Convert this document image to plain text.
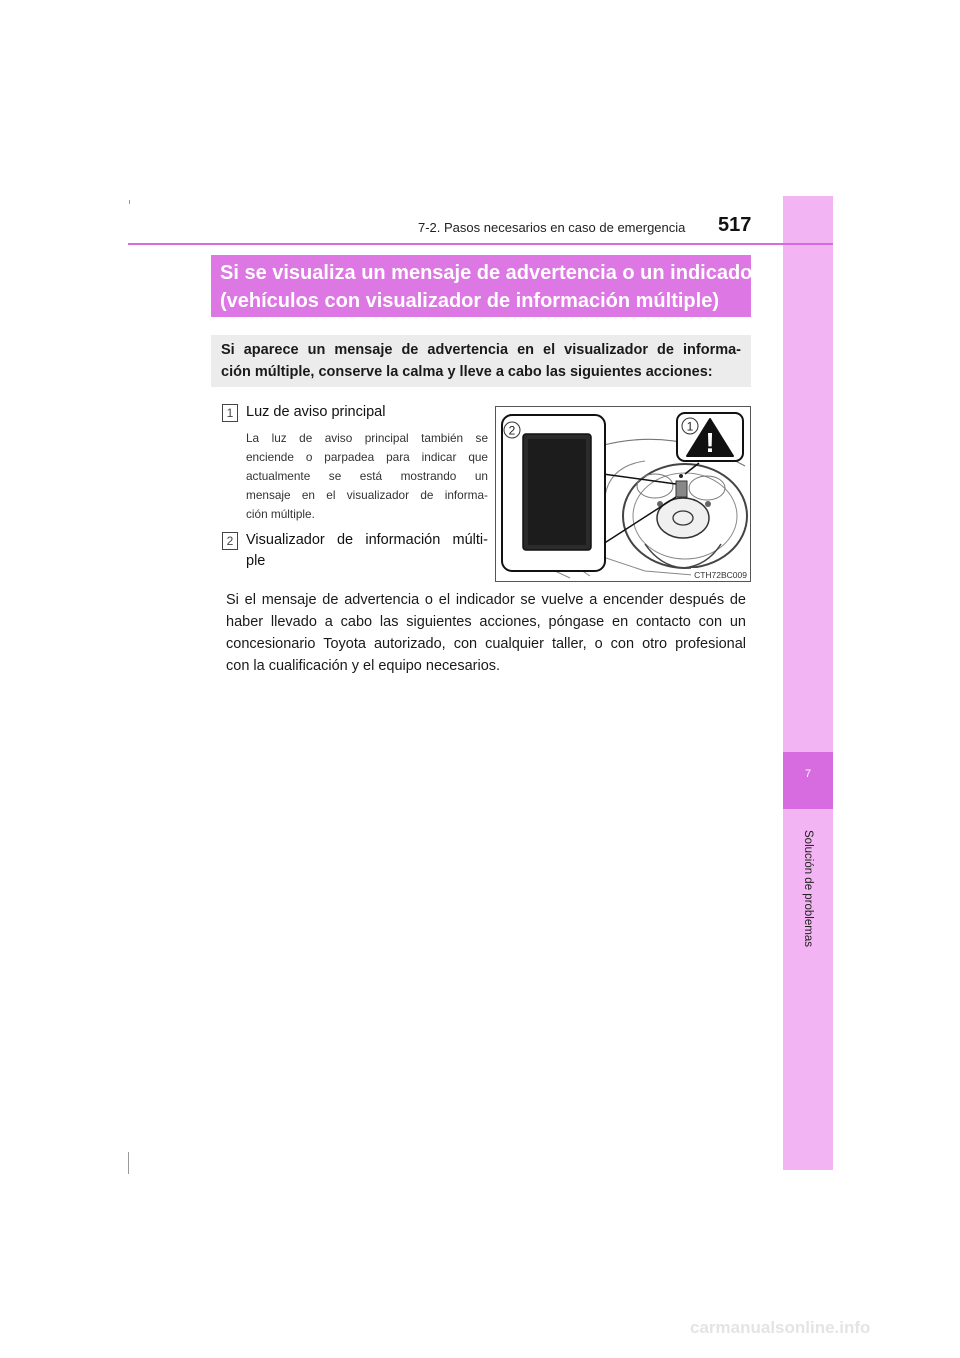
7
Solución de problemas
7-2. Pasos necesarios en caso de emergencia 517
Si se visualiza un mensaje de advertencia o un indicador
(vehículos con visualizador de información múltiple)
Si aparece un mensaje de advertencia en el visualizador de informa-
ción múltiple, conserve la calma y lleve a cabo las siguientes acciones:
1 Luz de aviso principal
La luz de aviso principal también se
enciende o parpadea para indicar que
actualmente se está mostrando un
mensaje en el visualizador de informa-
ción múltiple.
2 Visualizador de información múlti-
ple
!
2	1
CTH72BC009
Si el mensaje de advertencia o el indicador se vuelve a encender después de
haber llevado a cabo las siguientes acciones, póngase en contacto con un
concesionario Toyota autorizado, con cualquier taller, o con otro profesional
con la cualificación y el equipo necesarios.
carmanualsonline.info
